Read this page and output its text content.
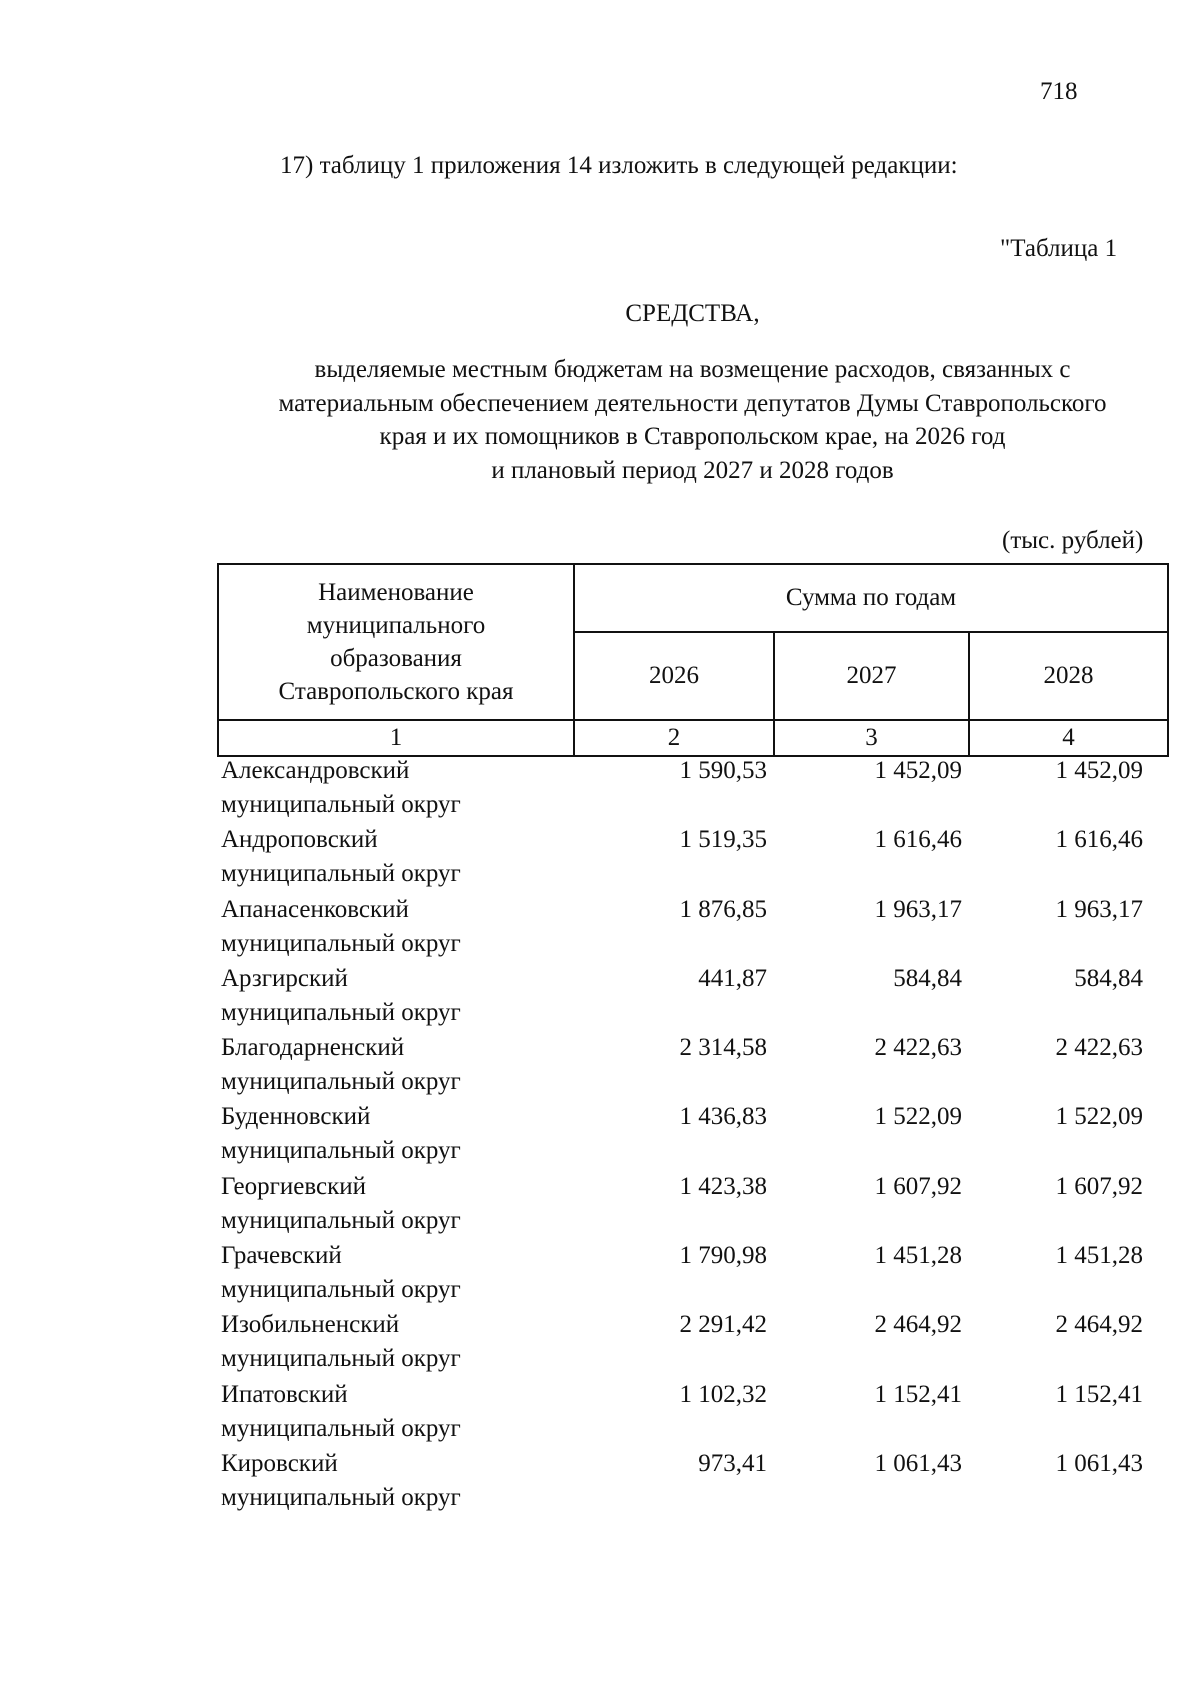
718
17) таблицу 1 приложения 14 изложить в следующей редакции:
"Таблица 1
СРЕДСТВА,
выделяемые местным бюджетам на возмещение расходов, связанных с
материальным обеспечением деятельности депутатов Думы Ставропольского
края и их помощников в Ставропольском крае, на 2026 год
и плановый период 2027 и 2028 годов
(тыс. рублей)
Наименование
муниципального
образования
Ставропольского края	Сумма по годам		
	2026	2027	2028
1	2	3	4
Александровский
муниципальный округ
1 590,53	1 452,09	1 452,09
Андроповский
муниципальный округ
1 519,35	1 616,46	1 616,46
Апанасенковский
муниципальный округ
1 876,85	1 963,17	1 963,17
Арзгирский
муниципальный округ
441,87	584,84	584,84
Благодарненский
муниципальный округ
2 314,58	2 422,63	2 422,63
Буденновский
муниципальный округ
1 436,83	1 522,09	1 522,09
Георгиевский
муниципальный округ
1 423,38	1 607,92	1 607,92
Грачевский
муниципальный округ
1 790,98	1 451,28	1 451,28
Изобильненский
муниципальный округ
2 291,42	2 464,92	2 464,92
Ипатовский
муниципальный округ
1 102,32	1 152,41	1 152,41
Кировский
муниципальный округ
973,41	1 061,43	1 061,43
